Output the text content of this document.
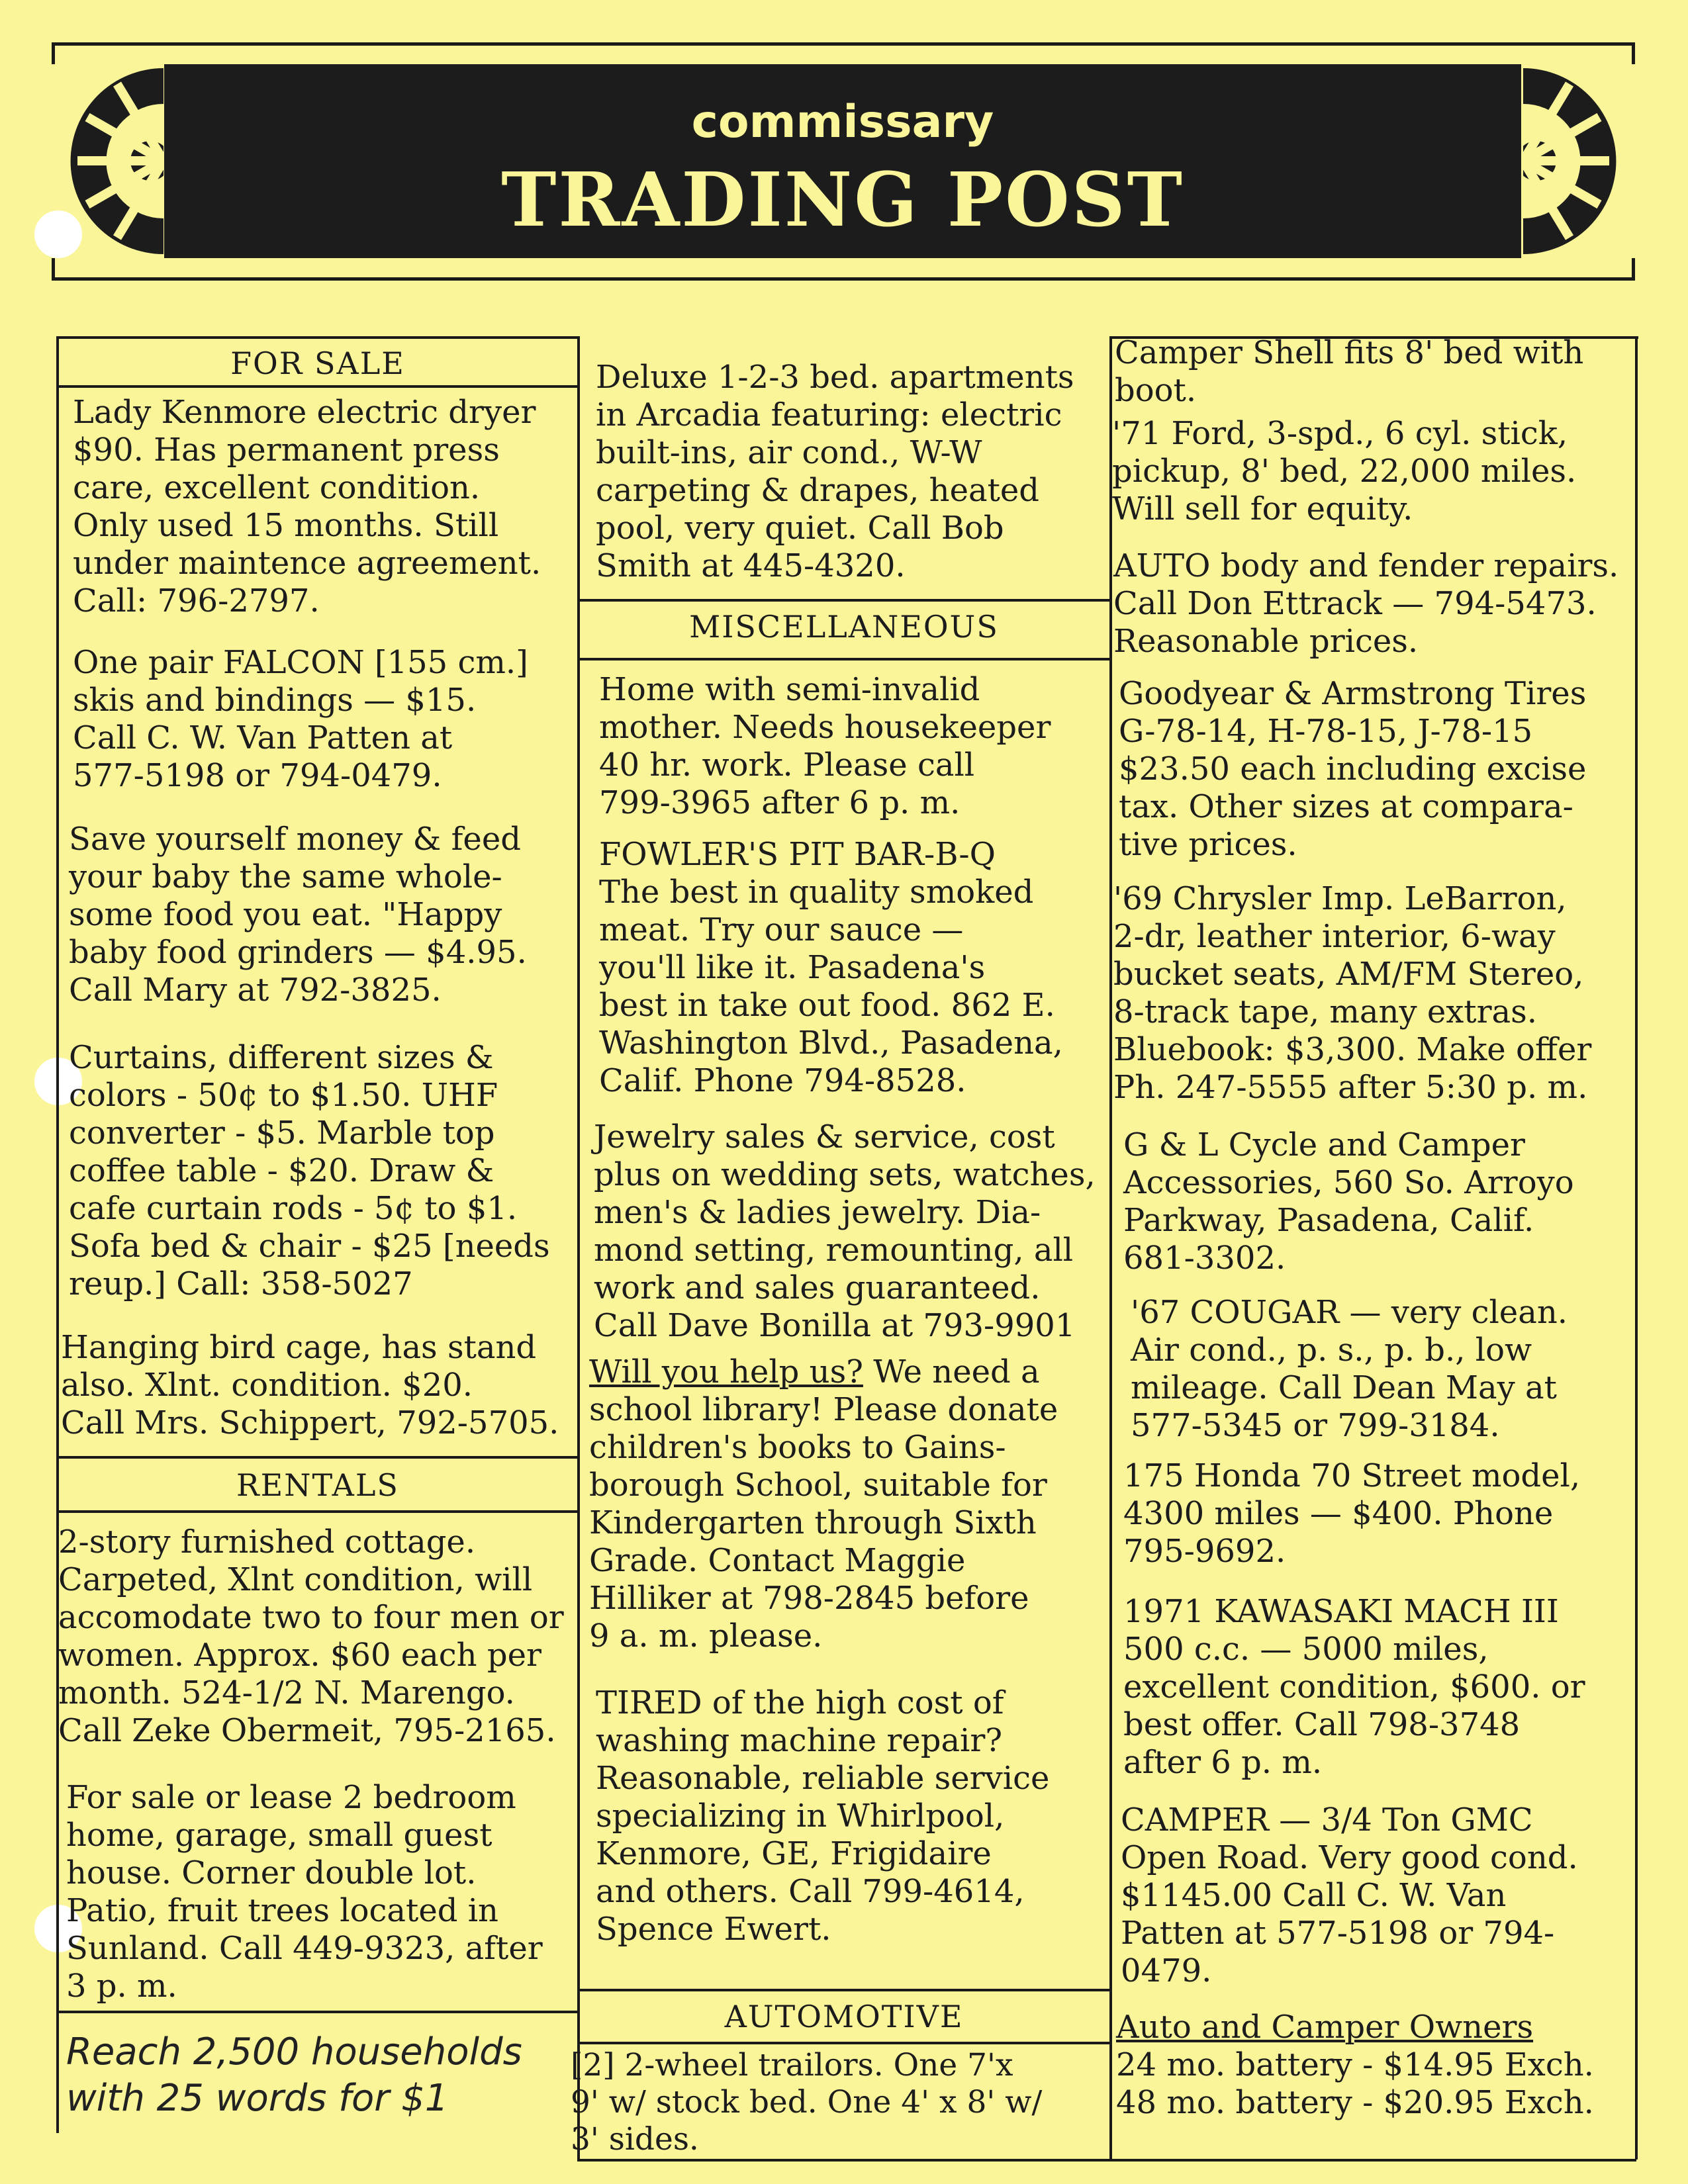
commissary
TRADING POST
FOR SALE
Lady Kenmore electric dryer
$90. Has permanent press
care, excellent condition.
Only used 15 months. Still
under maintence agreement.
Call: 796-2797.
One pair FALCON [155 cm.]
skis and bindings — $15.
Call C. W. Van Patten at
577-5198 or 794-0479.
Save yourself money & feed
your baby the same whole-
some food you eat. "Happy
baby food grinders — $4.95.
Call Mary at 792-3825.
Curtains, different sizes &
colors - 50¢ to $1.50. UHF
converter - $5. Marble top
coffee table - $20. Draw &
cafe curtain rods - 5¢ to $1.
Sofa bed & chair - $25 [needs
reup.] Call: 358-5027
Hanging bird cage, has stand
also. Xlnt. condition. $20.
Call Mrs. Schippert, 792-5705.
RENTALS
2-story furnished cottage.
Carpeted, Xlnt condition, will
accomodate two to four men or
women. Approx. $60 each per
month. 524-1/2 N. Marengo.
Call Zeke Obermeit, 795-2165.
For sale or lease 2 bedroom
home, garage, small guest
house. Corner double lot.
Patio, fruit trees located in
Sunland. Call 449-9323, after
3 p. m.
Reach 2,500 households
with 25 words for $1
Deluxe 1-2-3 bed. apartments
in Arcadia featuring: electric
built-ins, air cond., W-W
carpeting & drapes, heated
pool, very quiet. Call Bob
Smith at 445-4320.
MISCELLANEOUS
Home with semi-invalid
mother. Needs housekeeper
40 hr. work. Please call
799-3965 after 6 p. m.
FOWLER'S PIT BAR-B-Q
The best in quality smoked
meat. Try our sauce —
you'll like it. Pasadena's
best in take out food. 862 E.
Washington Blvd., Pasadena,
Calif. Phone 794-8528.
Jewelry sales & service, cost
plus on wedding sets, watches,
men's & ladies jewelry. Dia-
mond setting, remounting, all
work and sales guaranteed.
Call Dave Bonilla at 793-9901
Will you help us? We need a
school library! Please donate
children's books to Gains-
borough School, suitable for
Kindergarten through Sixth
Grade. Contact Maggie
Hilliker at 798-2845 before
9 a. m. please.
TIRED of the high cost of
washing machine repair?
Reasonable, reliable service
specializing in Whirlpool,
Kenmore, GE, Frigidaire
and others. Call 799-4614,
Spence Ewert.
AUTOMOTIVE
[2] 2-wheel trailors. One 7'x
9' w/ stock bed. One 4' x 8' w/
3' sides.
Camper Shell fits 8' bed with
boot.
'71 Ford, 3-spd., 6 cyl. stick,
pickup, 8' bed, 22,000 miles.
Will sell for equity.
AUTO body and fender repairs.
Call Don Ettrack — 794-5473.
Reasonable prices.
Goodyear & Armstrong Tires
G-78-14, H-78-15, J-78-15
$23.50 each including excise
tax. Other sizes at compara-
tive prices.
'69 Chrysler Imp. LeBarron,
2-dr, leather interior, 6-way
bucket seats, AM/FM Stereo,
8-track tape, many extras.
Bluebook: $3,300. Make offer
Ph. 247-5555 after 5:30 p. m.
G & L Cycle and Camper
Accessories, 560 So. Arroyo
Parkway, Pasadena, Calif.
681-3302.
'67 COUGAR — very clean.
Air cond., p. s., p. b., low
mileage. Call Dean May at
577-5345 or 799-3184.
175 Honda 70 Street model,
4300 miles — $400. Phone
795-9692.
1971 KAWASAKI MACH III
500 c.c. — 5000 miles,
excellent condition, $600. or
best offer. Call 798-3748
after 6 p. m.
CAMPER — 3/4 Ton GMC
Open Road. Very good cond.
$1145.00 Call C. W. Van
Patten at 577-5198 or 794-
0479.
Auto and Camper Owners
24 mo. battery - $14.95 Exch.
48 mo. battery - $20.95 Exch.
